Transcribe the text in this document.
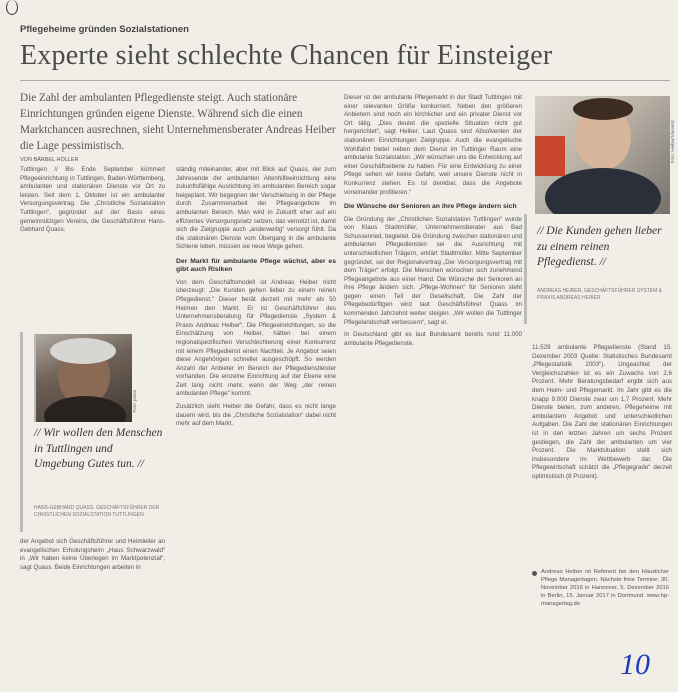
Pflegeheime gründen Sozialstationen
Experte sieht schlechte Chancen für Einsteiger
Die Zahl der ambulanten Pflegedienste steigt. Auch stationäre Einrichtungen gründen eigene Dienste. Während sich die einen Marktchancen ausrechnen, sieht Unternehmensberater Andreas Heiber die Lage pessimistisch.
VON BÄRBEL HÖLLER

Tuttlingen // Bis Ende September kümmert Pflegeeinrichtung in Tuttlingen, Baden-Württemberg, ambulanten und stationären Dienste vor Ort zu leisten. Seit dem 1. Oktober ist ein ambulanter Versorgungsvertrag. Die „Christliche Sozialstation Tuttlingen“, gegründet auf der Basis eines gemeinnützigen Vereins, die Geschäftsführer Hans-Gebhard Quass.

Foto: privat
// Wir wollen den Menschen in Tuttlingen und Umgebung Gutes tun. //
HANS-GEBHARD QUASS, GESCHÄFTSFÜHRER DER CHRISTLICHEN SOZIALSTATION TUTTLINGEN

der Angebot sich Geschäftsführer und Heimleiter an evangelischen Erholungsheim „Haus Schwarzwald“ in „Wir haben keine Überlegen im Marktpotenzial“, sagt Quass. Beide Einrichtungen arbeiten in

ständig miteinander, aber mit Blick auf Quass, der zum Jahresende der ambulanten Altenhilfeeinrichtung eine zukunftsfähige Ausrichtung im ambulanten Bereich sogar beigeplant. Wir begegnen der Verschiebung in der Pflege durch Zusammenarbeit der Pflegeangebote im ambulanten Bereich. Man wird in Zukunft eher auf ein effizientes Versorgungsnetz setzen, das vernetzt ist, damit sich die Zielgruppe auch „anderweitig“ versorgt fühlt. Da die stationären Dienste vom Übergang in die ambulante Schiene leben, müssen sie neue Wege gehen.

Der Markt für ambulante Pflege wächst, aber es gibt auch Risiken

Von dem Geschäftsmodell ist Andreas Heiber nicht überzeugt: „Die Kunden gehen lieber zu einem reinen Pflegedienst.“ Dieser berät derzeit mit mehr als 50 Heimen den Markt. Er ist Geschäftsführer des Unternehmensberatung für Pflegedienste „System & Praxis Andreas Heiber“. Die Pflegeeinrichtungen, so die Einschätzung von Heiber, hätten bei einem regionalspezifischen Verschlechterung einer Konkurrenz mit einem Pflegedienst einen Nachteil. Je Angebot seien diese Angehörigen schneller ausgeschöpft. So werden Anzahl der Anbieter im Bereich der Pflegedienstleister vorhanden. Die einzelne Einrichtung auf der Ebene eine Zeit lang nicht mehr, wenn der Weg „der reinen ambulanten Pflege“ kommt.

Zusätzlich sieht Heiber die Gefahr, dass es nicht lange dauern wird, bis die „Christliche Sozialstation“ dabei nicht mehr auf dem Markt.

Dieser ist der ambulante Pflegemarkt in der Stadt Tuttlingen mit einer relevanten Größe konkurriert. Neben den größeren Anbietern sind noch ein kirchlicher und ein privater Dienst vor Ort tätig. „Dies deutet die spezielle Situation nicht gut hergerichtet“, sagt Heiber. Laut Quass sind Absolventen der stationären Einrichtungen Zielgruppe. Auch die evangelische Wohlfahrt bietet neben dem Dienst im Tuttlinger Raum eine ambulante Sozialstation. „Wir wünschen uns die Entwicklung auf einer Geschäftsebene zu haben. Für eine Entwicklung zu einer Pflege sehen wir keine Gefahr, weil unsere Dienste nicht in Konkurrenz stehen. Es ist denkbar, dass die Angebote voneinander profitieren.“

Die Wünsche der Senioren an ihre Pflege ändern sich

Die Gründung der „Christlichen Sozialstation Tuttlingen“ wurde von Klaus Stadtmüller, Unternehmensberater aus Bad Schussenried, begleitet. Die Gründung zwischen stationären und ambulanten Pflegediensten sei die Ausrichtung mit unterschiedlichen Trägern, erklärt Stadtmüller. Mitte September gegründet, sei der Regionalvertrag „Der Versorgungsvertrag mit dem Träger“ erfolgt. Die Menschen wünschen sich zunehmend Pflegeangebote aus einer Hand. Die Wünsche der Senioren an ihre Pflege ändern sich. „Pflege-Wohnen“ für Senioren steht gegen einen Teil der Gesellschaft. Die Zahl der Pflegebedürftigen wird laut Geschäftsführer Quass im kommenden Jahrzehnt weiter steigen. „Wir wollen die Tuttlinger Pflegelandschaft verbessern“, sagt er.

In Deutschland gibt es laut Bundesamt bereits rund 11.000 ambulante Pflegedienste.

Foto: Heiber/Vincentz
// Die Kunden gehen lieber zu einem reinen Pflegedienst. //
ANDREAS HEIBER, GESCHÄFTSFÜHRER SYSTEM & PRAXIS ANDREAS HEIBER

11.529 ambulante Pflegedienste (Stand 15. Dezember 2003 Quelle: Statistisches Bundesamt „Pflegestatistik 2003“). Ungeachtet der Vergleichszahlen ist es ein Zuwachs von 2,6 Prozent. Mehr Beratungsbedarf ergibt sich aus dem Heim- und Pflegemarkt. Im Jahr gibt es die knapp 9.000 Dienste zwar um 1,7 Prozent. Mehr Dienste bieten, zum anderen, Pflegeheime mit ambulantem Angebot und unterschiedlichen Aufgaben. Die Zahl der stationären Einrichtungen ist in den letzten Jahren um sechs Prozent gestiegen, die Zahl der ambulanten um vier Prozent. Die Marktsituation stellt sich insbesondere im Wettbewerb dar. Die Pflegewirtschaft schätzt die „Pflegegrade“ derzeit optimistisch (8 Prozent).

Andreas Heiber ist Referent bei den Häuslicher Pflege Managertagen. Nächste freie Termine: 30. November 2016 in Hannover, 5. Dezember 2016 in Berlin, 15. Januar 2017 in Dortmund. www.hp-managertag.de
10
